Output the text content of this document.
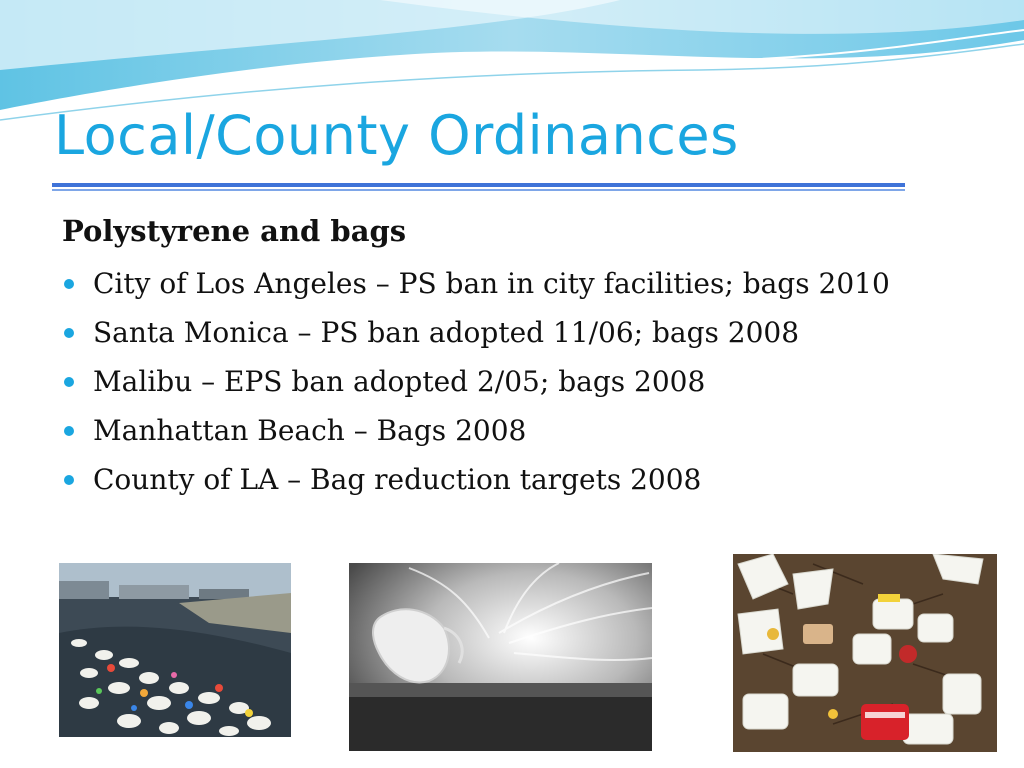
Local/County Ordinances
Polystyrene and bags
City of Los Angeles – PS ban in city facilities; bags 2010
Santa Monica – PS ban adopted 11/06; bags 2008
Malibu – EPS ban adopted 2/05; bags 2008
Manhattan Beach – Bags 2008
County of LA – Bag reduction targets 2008
